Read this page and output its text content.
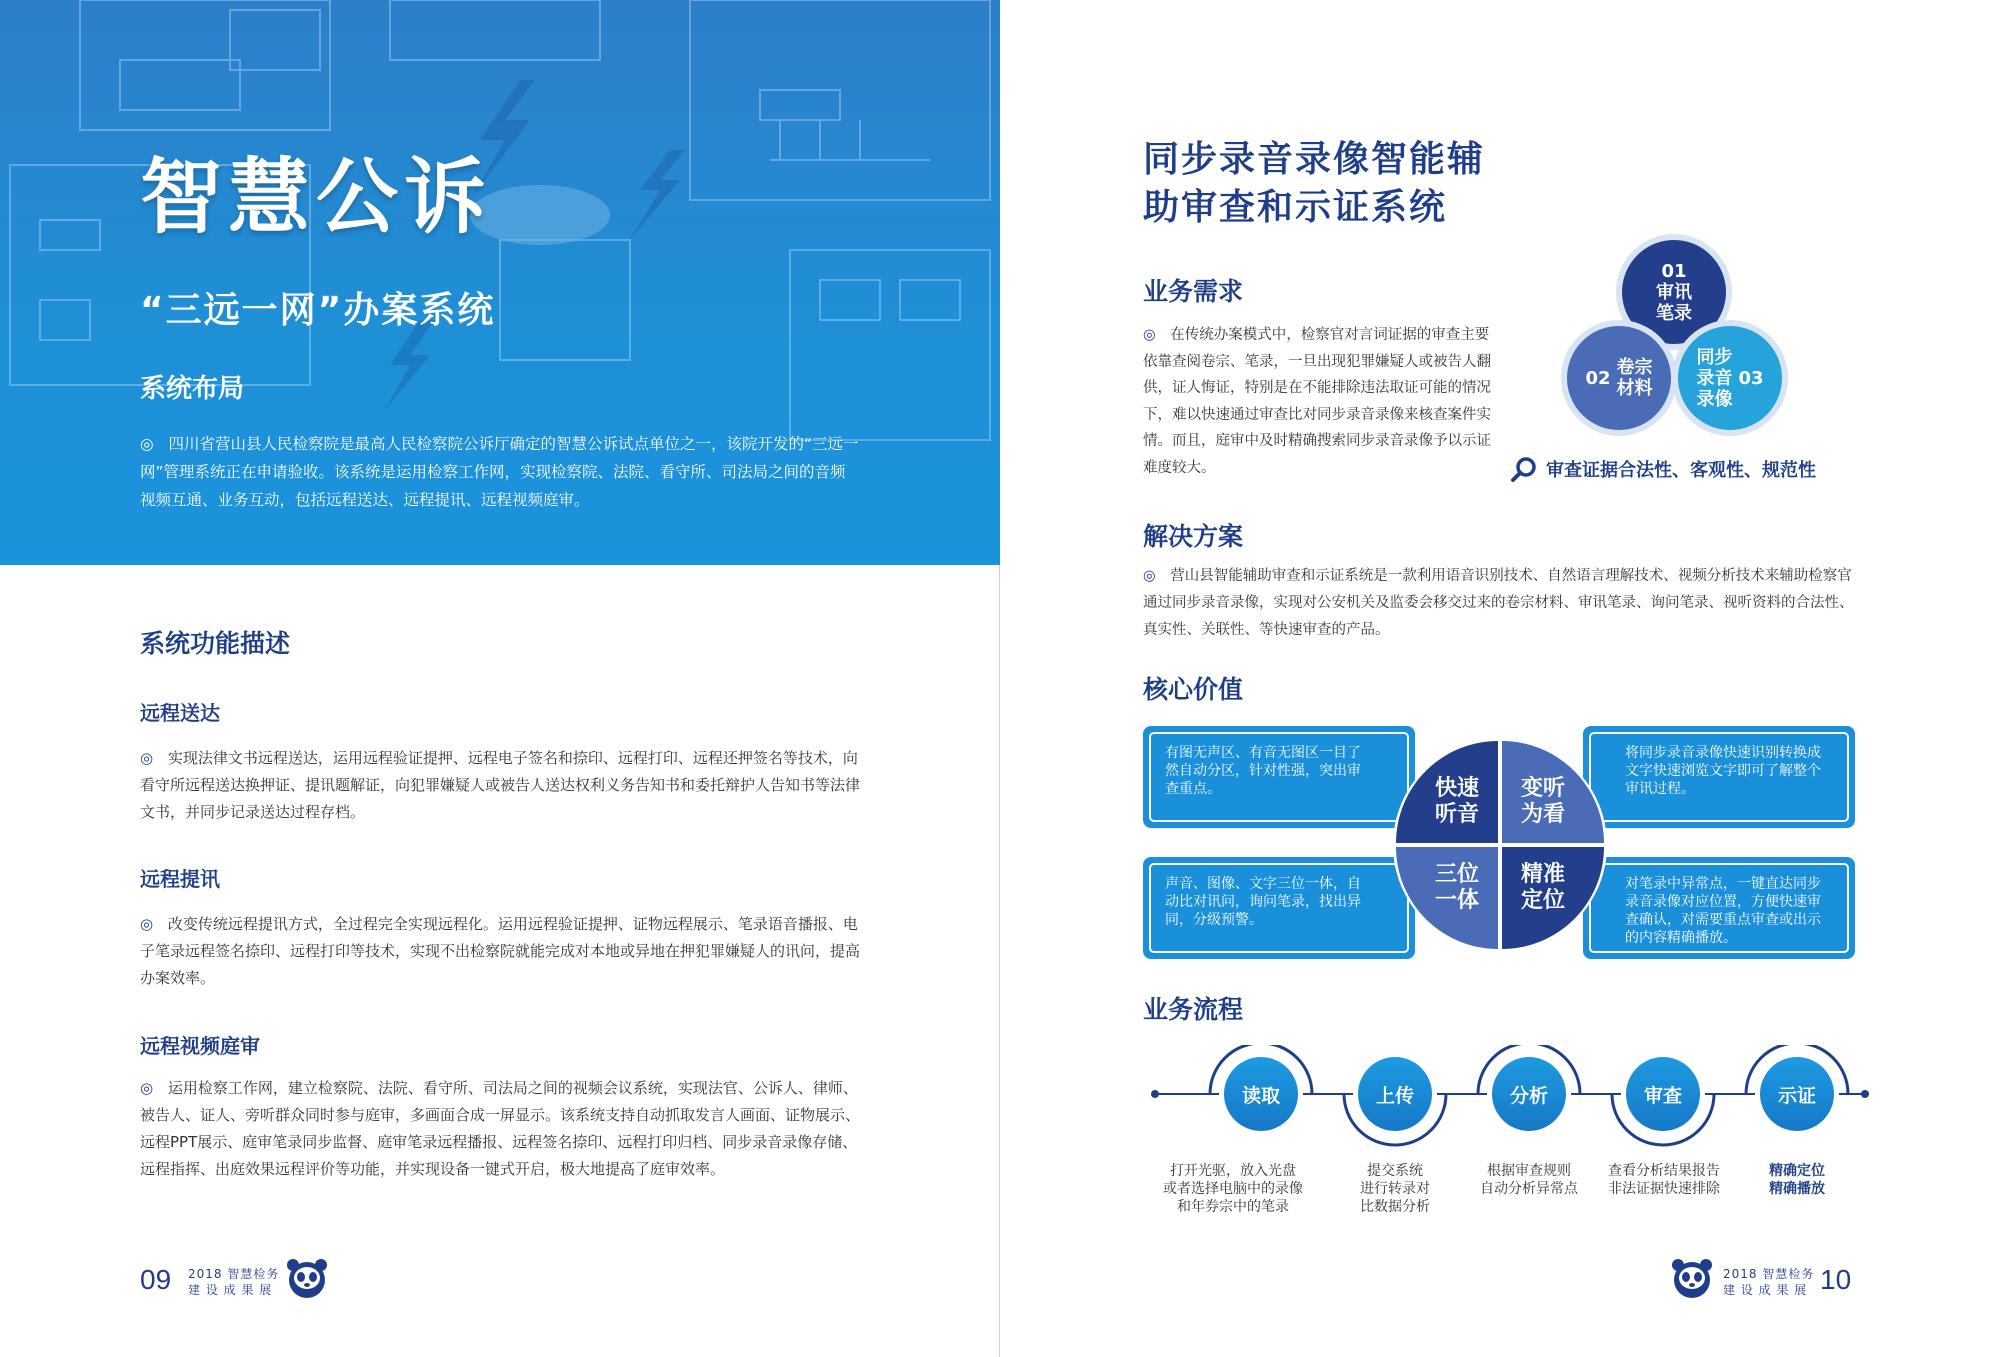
智慧公诉
“三远一网”办案系统
系统布局
◎ 四川省营山县人民检察院是最高人民检察院公诉厅确定的智慧公诉试点单位之一，该院开发的“三远一网”管理系统正在申请验收。该系统是运用检察工作网，实现检察院、法院、看守所、司法局之间的音频视频互通、业务互动，包括远程送达、远程提讯、远程视频庭审。
系统功能描述
远程送达
◎ 实现法律文书远程送达，运用远程验证提押、远程电子签名和捺印、远程打印、远程还押签名等技术，向看守所远程送达换押证、提讯题解证，向犯罪嫌疑人或被告人送达权利义务告知书和委托辩护人告知书等法律文书，并同步记录送达过程存档。
远程提讯
◎ 改变传统远程提讯方式，全过程完全实现远程化。运用远程验证提押、证物远程展示、笔录语音播报、电子笔录远程签名捺印、远程打印等技术，实现不出检察院就能完成对本地或异地在押犯罪嫌疑人的讯问，提高办案效率。
远程视频庭审
◎ 运用检察工作网，建立检察院、法院、看守所、司法局之间的视频会议系统，实现法官、公诉人、律师、被告人、证人、旁听群众同时参与庭审，多画面合成一屏显示。该系统支持自动抓取发言人画面、证物展示、远程PPT展示、庭审笔录同步监督、庭审笔录远程播报、远程签名捺印、远程打印归档、同步录音录像存储、远程指挥、出庭效果远程评价等功能，并实现设备一键式开启，极大地提高了庭审效率。
09 2018 智慧检务
建 设 成 果 展
同步录音录像智能辅
助审查和示证系统
业务需求
◎ 在传统办案模式中，检察官对言词证据的审查主要依靠查阅卷宗、笔录，一旦出现犯罪嫌疑人或被告人翻供，证人悔证，特别是在不能排除违法取证可能的情况下，难以快速通过审查比对同步录音录像来核查案件实情。而且，庭审中及时精确搜索同步录音录像予以示证难度较大。
01
审讯
笔录
02 卷宗
材料
同步
录音
录像
03
审查证据合法性、客观性、规范性
解决方案
◎ 营山县智能辅助审查和示证系统是一款利用语音识别技术、自然语言理解技术、视频分析技术来辅助检察官通过同步录音录像，实现对公安机关及监委会移交过来的卷宗材料、审讯笔录、询问笔录、视听资料的合法性、真实性、关联性、等快速审查的产品。
核心价值
有图无声区、有音无图区一目了然自动分区，针对性强，突出审查重点。
将同步录音录像快速识别转换成文字快速浏览文字即可了解整个审讯过程。
声音、图像、文字三位一体，自动比对讯问，询问笔录，找出异同，分级预警。
对笔录中异常点，一键直达同步录音录像对应位置，方便快速审查确认，对需要重点审查或出示的内容精确播放。
快速
听音
变听
为看
三位
一体
精准
定位
业务流程
读取	上传	分析	审查	示证
打开光驱，放入光盘
或者选择电脑中的录像
和年券宗中的笔录
提交系统
进行转录对
比数据分析
根据审查规则
自动分析异常点
查看分析结果报告
非法证据快速排除
精确定位
精确播放
2018 智慧检务
建 设 成 果 展 10
